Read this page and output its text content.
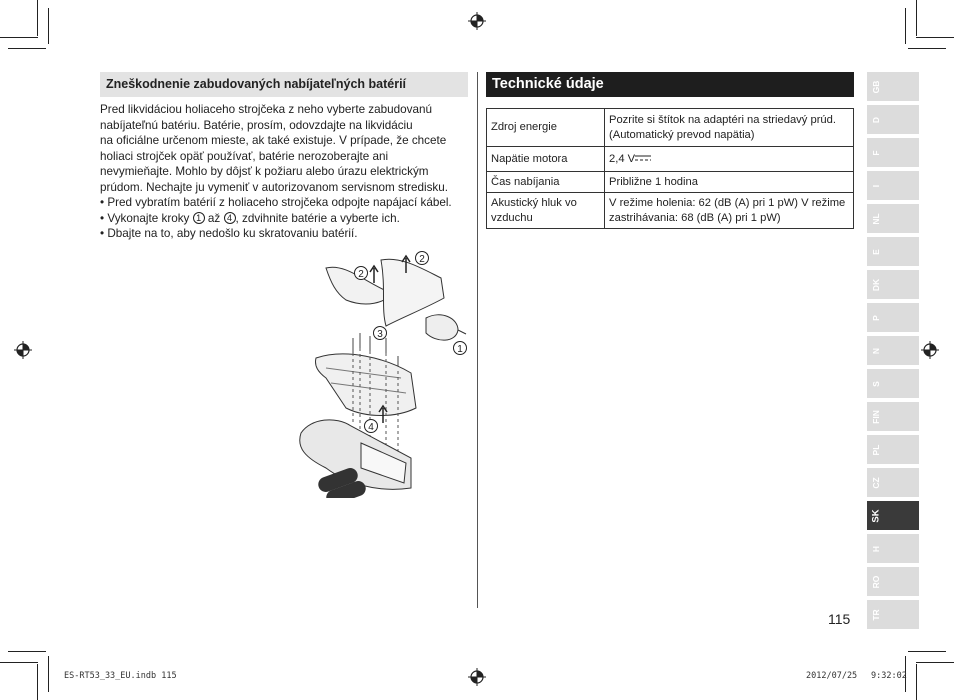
Zneškodnenie zabudovaných nabíjateľných batérií

Pred likvidáciou holiaceho strojčeka z neho vyberte zabudovanú

nabíjateľnú batériu. Batérie, prosím, odovzdajte na likvidáciu

na oficiálne určenom mieste, ak také existuje. V prípade, že chcete

holiaci strojček opäť používať, batérie nerozoberajte ani

nevymieňajte. Mohlo by dôjsť k požiaru alebo úrazu elektrickým

prúdom. Nechajte ju vymeniť v autorizovanom servisnom stredisku.

• Pred vybratím batérií z holiaceho strojčeka odpojte napájací kábel.

• Vykonajte kroky 1 až 4 , zdvihnite batérie a vyberte ich.

• Dbajte na to, aby nedošlo ku skratovaniu batérií.

2
2
1
3
4
Technické údaje
Zdroj energie	Pozrite si štítok na adaptéri na striedavý prúd. (Automatický prevod napätia)
Napätie motora	2,4 V
Čas nabíjania	Približne 1 hodina
Akustický hluk vo vzduchu	V režime holenia: 62 (dB (A) pri 1 pW) V režime zastrihávania: 68 (dB (A) pri 1 pW)
GB
D
F
I
NL
E
DK
P
N
S
FIN
PL
CZ
SK
H
RO
TR
115
ES-RT53_33_EU.indb 115	2012/07/25 9:32:02
